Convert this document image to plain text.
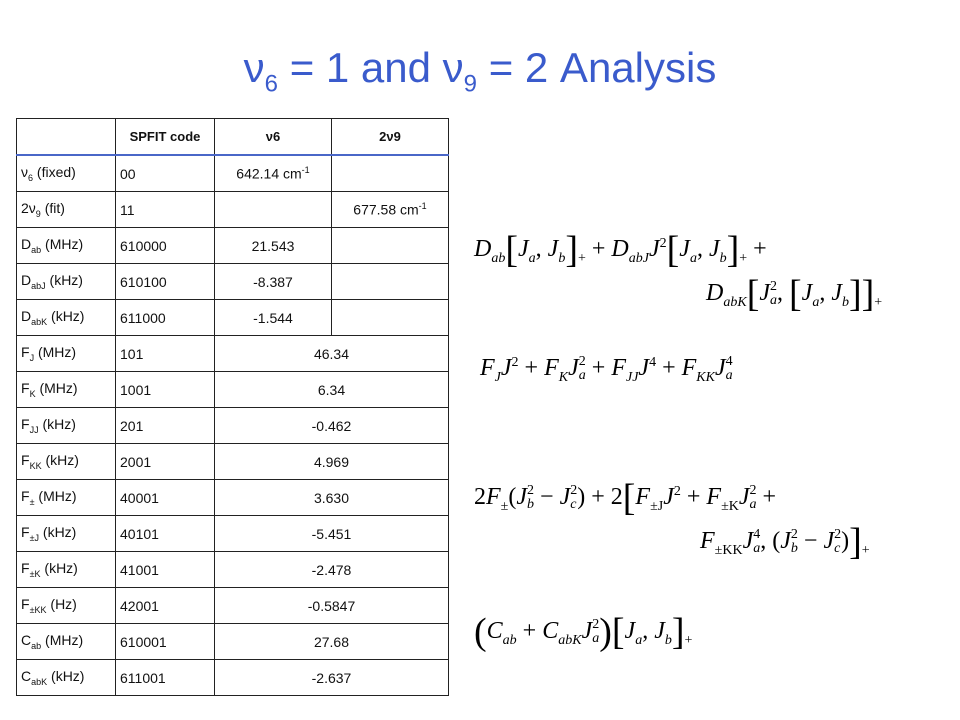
$\nu_6 = 1$ and $\nu_9 = 2$ Analysis
	SPFIT code	ν6	2ν9
$\nu_6$ (fixed)	00	642.14 $cm^{-1}$	
$2\nu_9$ (fit)	11		677.58 $cm^{-1}$
$D_{ab}$ (MHz)	610000	21.543	
$D_{abJ}$ (kHz)	610100	-8.387	
$D_{abK}$ (kHz)	611000	-1.544	
$F_J$ (MHz)	101	46.34	
$F_K$ (MHz)	1001	6.34	
$F_{JJ}$ (kHz)	201	-0.462	
$F_{KK}$ (kHz)	2001	4.969	
$F_\pm$ (MHz)	40001	3.630	
$F_{\pm J}$ (kHz)	40101	-5.451	
$F_{\pm K}$ (kHz)	41001	-2.478	
$F_{\pm KK}$ (Hz)	42001	-0.5847	
$C_{ab}$ (MHz)	610001	27.68	
$C_{abK}$ (kHz)	611001	-2.637	
$D_{ab}[J_a$, $J_b]_+ + D_{abJ}J^2[J_a$, $J_b]_+$ +
$D_{abK}[J$ 2
a , [$J_a$, $J_b]]_+$
$F_JJ^2 + F_KJ$ 2
$a + F_{JJ}J^4 + F_{KK}J$ 4
a
$2F_\pm(J$ 2
b − J 2
c ) + $2[F_{\pm J}J^2 + F_{\pm K}J$ 2
a +
$F_{\pm KK}J$ 4
a , (J 2
b − J 2
c )]$_+$
($C_{ab} + C_{abK}J$ 2
a )[$J_a$, $J_b]_+$
